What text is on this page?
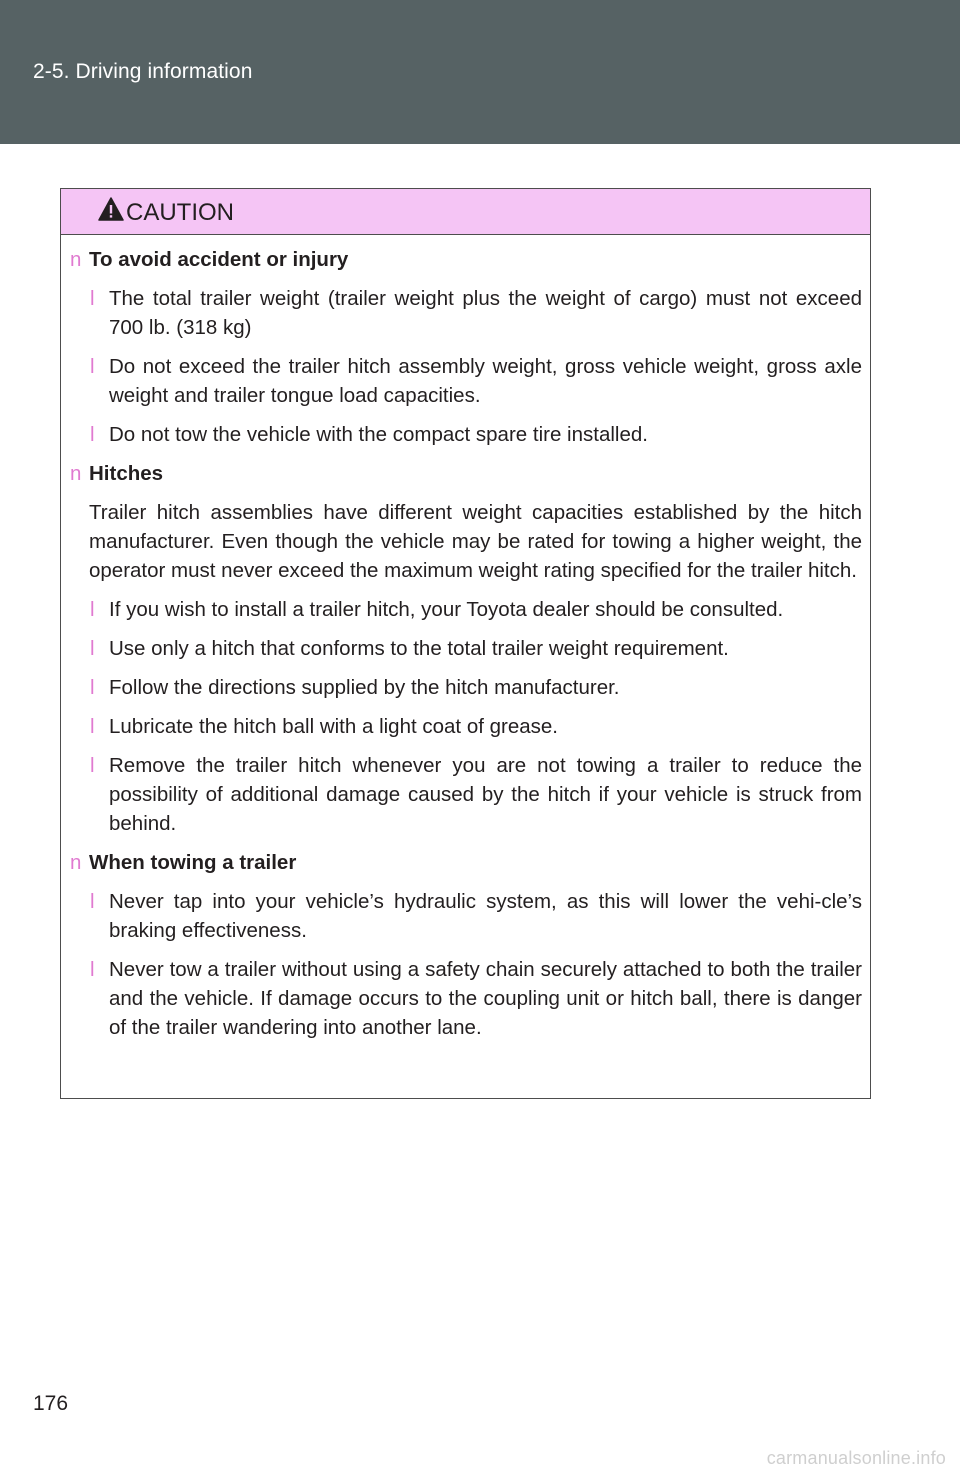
2-5. Driving information
CAUTION
n To avoid accident or injury
l The total trailer weight (trailer weight plus the weight of cargo) must not exceed 700 lb. (318 kg)
l Do not exceed the trailer hitch assembly weight, gross vehicle weight, gross axle weight and trailer tongue load capacities.
l Do not tow the vehicle with the compact spare tire installed.
n Hitches
Trailer hitch assemblies have different weight capacities established by the hitch manufacturer. Even though the vehicle may be rated for towing a higher weight, the operator must never exceed the maximum weight rating specified for the trailer hitch.
l If you wish to install a trailer hitch, your Toyota dealer should be consulted.
l Use only a hitch that conforms to the total trailer weight requirement.
l Follow the directions supplied by the hitch manufacturer.
l Lubricate the hitch ball with a light coat of grease.
l Remove the trailer hitch whenever you are not towing a trailer to reduce the possibility of additional damage caused by the hitch if your vehicle is struck from behind.
n When towing a trailer
l Never tap into your vehicle’s hydraulic system, as this will lower the vehi-cle’s braking effectiveness.
l Never tow a trailer without using a safety chain securely attached to both the trailer and the vehicle. If damage occurs to the coupling unit or hitch ball, there is danger of the trailer wandering into another lane.
176
carmanualsonline.info
